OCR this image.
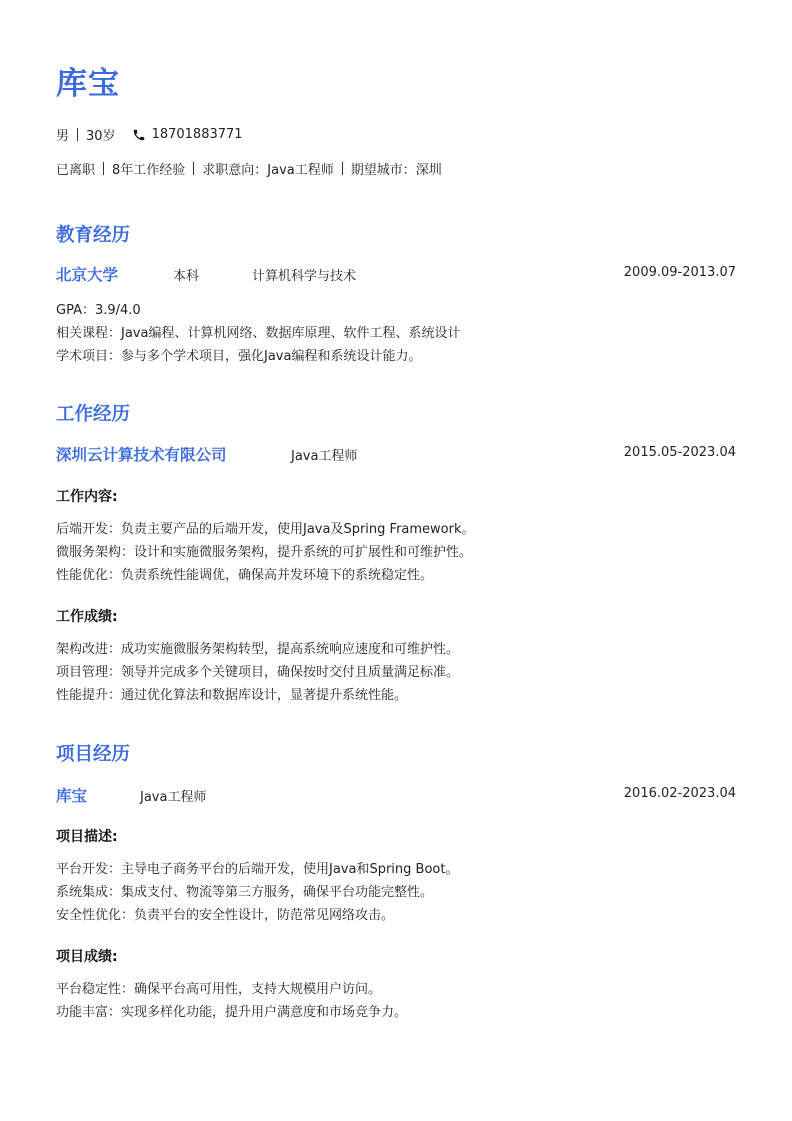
库宝
男 30岁	18701883771
已离职 8年工作经验 求职意向：Java工程师 期望城市：深圳
教育经历
北京大学	本科	计算机科学与技术	2009.09-2013.07
GPA：3.9/4.0
相关课程：Java编程、计算机网络、数据库原理、软件工程、系统设计
学术项目：参与多个学术项目，强化Java编程和系统设计能力。
工作经历
深圳云计算技术有限公司	Java工程师	2015.05-2023.04
工作内容:
后端开发：负责主要产品的后端开发，使用Java及Spring Framework。
微服务架构：设计和实施微服务架构，提升系统的可扩展性和可维护性。
性能优化：负责系统性能调优，确保高并发环境下的系统稳定性。
工作成绩:
架构改进：成功实施微服务架构转型，提高系统响应速度和可维护性。
项目管理：领导并完成多个关键项目，确保按时交付且质量满足标准。
性能提升：通过优化算法和数据库设计，显著提升系统性能。
项目经历
库宝	Java工程师	2016.02-2023.04
项目描述:
平台开发：主导电子商务平台的后端开发，使用Java和Spring Boot。
系统集成：集成支付、物流等第三方服务，确保平台功能完整性。
安全性优化：负责平台的安全性设计，防范常见网络攻击。
项目成绩:
平台稳定性：确保平台高可用性，支持大规模用户访问。
功能丰富：实现多样化功能，提升用户满意度和市场竞争力。
